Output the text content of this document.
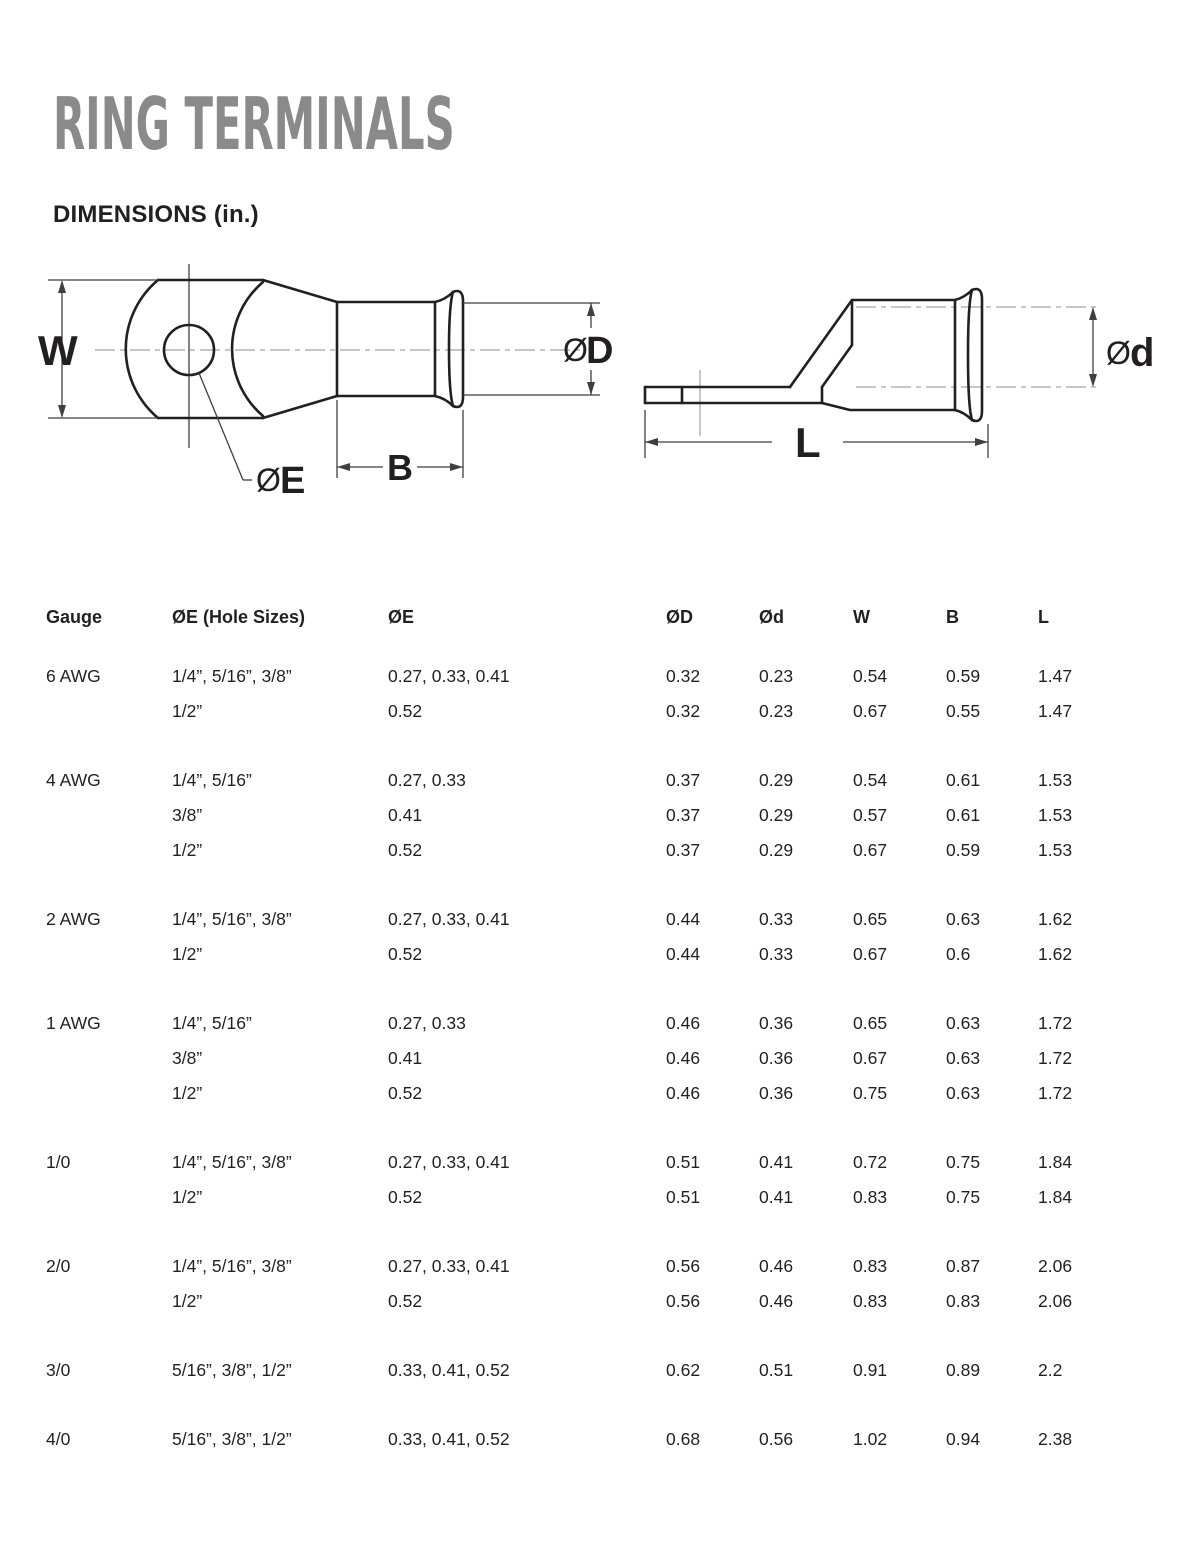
RING TERMINALS
DIMENSIONS (in.)
W	Ø
D
B
Ø E
Ø d
L
Gauge	ØE (Hole Sizes)	ØE	ØD	Ød	W	B	L
6 AWG	1/4”, 5/16”, 3/8”	0.27, 0.33, 0.41	0.32	0.23	0.54	0.59	1.47
1/2”	0.52	0.32	0.23	0.67	0.55	1.47
4 AWG	1/4”, 5/16”	0.27, 0.33	0.37	0.29	0.54	0.61	1.53
3/8”	0.41	0.37	0.29	0.57	0.61	1.53
1/2”	0.52	0.37	0.29	0.67	0.59	1.53
2 AWG	1/4”, 5/16”, 3/8”	0.27, 0.33, 0.41	0.44	0.33	0.65	0.63	1.62
1/2”	0.52	0.44	0.33	0.67	0.6	1.62
1 AWG	1/4”, 5/16”	0.27, 0.33	0.46	0.36	0.65	0.63	1.72
3/8”	0.41	0.46	0.36	0.67	0.63	1.72
1/2”	0.52	0.46	0.36	0.75	0.63	1.72
1/0	1/4”, 5/16”, 3/8”	0.27, 0.33, 0.41	0.51	0.41	0.72	0.75	1.84
1/2”	0.52	0.51	0.41	0.83	0.75	1.84
2/0	1/4”, 5/16”, 3/8”	0.27, 0.33, 0.41	0.56	0.46	0.83	0.87	2.06
1/2”	0.52	0.56	0.46	0.83	0.83	2.06
3/0	5/16”, 3/8”, 1/2”	0.33, 0.41, 0.52	0.62	0.51	0.91	0.89	2.2
4/0	5/16”, 3/8”, 1/2”	0.33, 0.41, 0.52	0.68	0.56	1.02	0.94	2.38
